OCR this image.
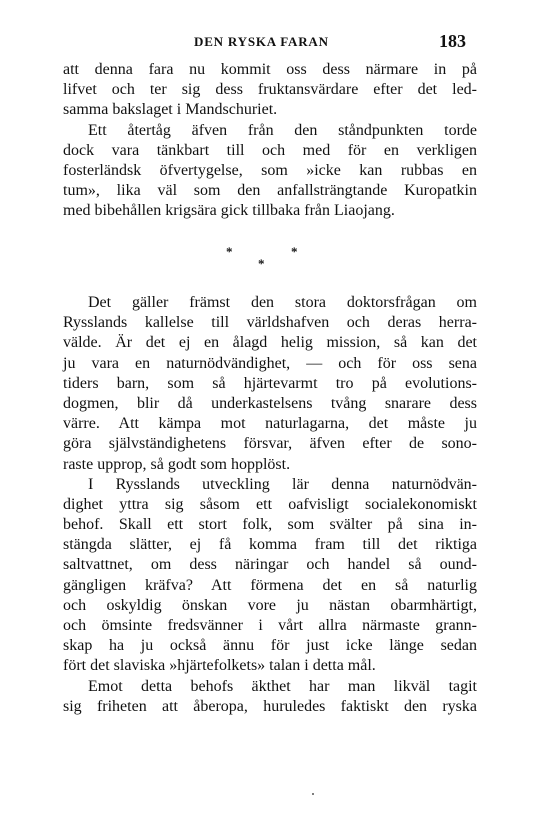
DEN RYSKA FARAN	183
att denna fara nu kommit oss dess närmare in på
lifvet och ter sig dess fruktansvärdare efter det led-
samma bakslaget i Mandschuriet.
Ett återtåg äfven från den ståndpunkten torde
dock vara tänkbart till och med för en verkligen
fosterländsk öfvertygelse, som »icke kan rubbas en
tum», lika väl som den anfallsträngtande Kuropatkin
med bibehållen krigsära gick tillbaka från Liaojang.
*	*
*
Det gäller främst den stora doktorsfrågan om
Rysslands kallelse till världshafven och deras herra-
välde. Är det ej en ålagd helig mission, så kan det
ju vara en naturnödvändighet, — och för oss sena
tiders barn, som så hjärtevarmt tro på evolutions-
dogmen, blir då underkastelsens tvång snarare dess
värre. Att kämpa mot naturlagarna, det måste ju
göra självständighetens försvar, äfven efter de sono-
raste upprop, så godt som hopplöst.
I Rysslands utveckling lär denna naturnödvän-
dighet yttra sig såsom ett oafvisligt socialekonomiskt
behof. Skall ett stort folk, som svälter på sina in-
stängda slätter, ej få komma fram till det riktiga
saltvattnet, om dess näringar och handel så ound-
gängligen kräfva? Att förmena det en så naturlig
och oskyldig önskan vore ju nästan obarmhärtigt,
och ömsinte fredsvänner i vårt allra närmaste grann-
skap ha ju också ännu för just icke länge sedan
fört det slaviska »hjärtefolkets» talan i detta mål.
Emot detta behofs äkthet har man likväl tagit
sig friheten att åberopa, huruledes faktiskt den ryska
